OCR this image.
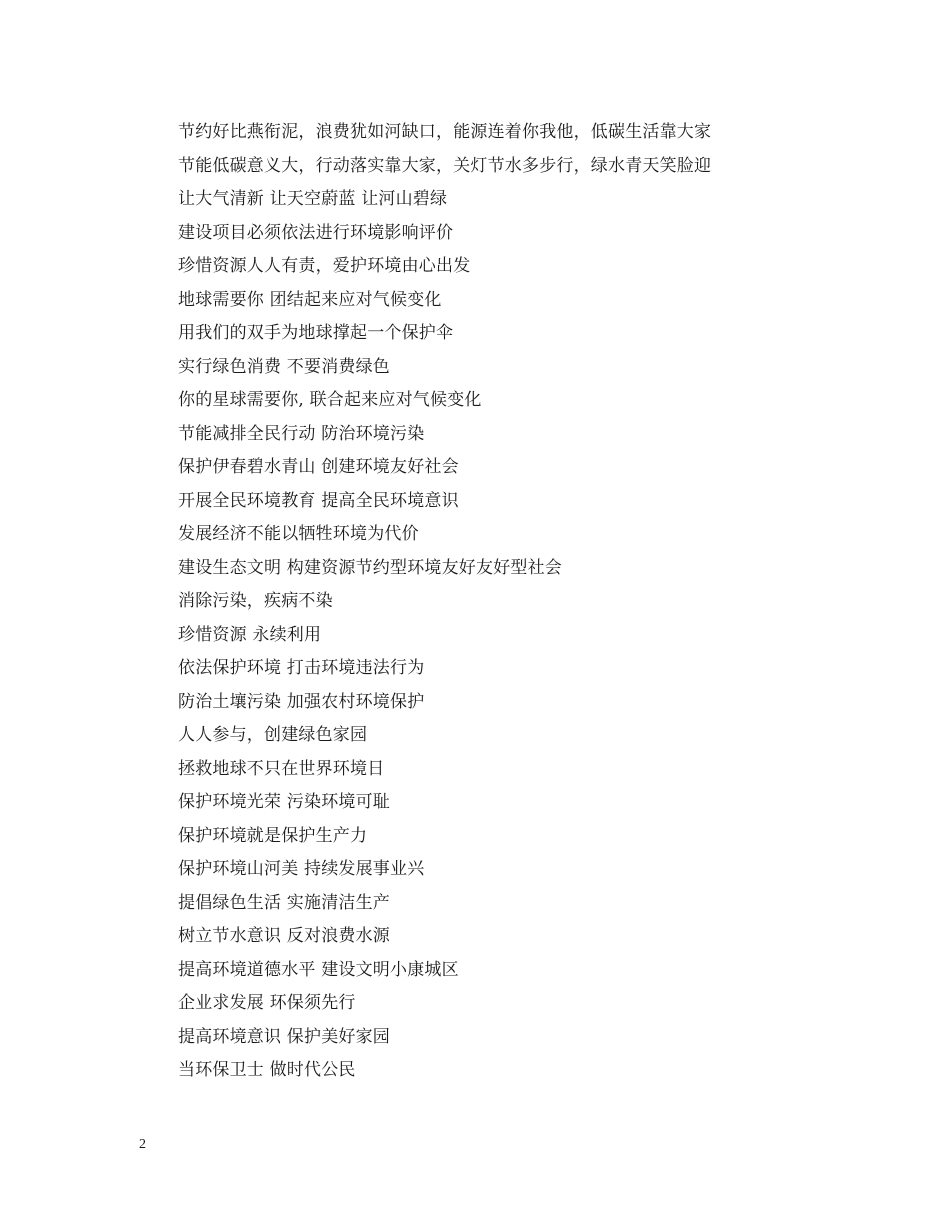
节约好比燕衔泥，浪费犹如河缺口，能源连着你我他，低碳生活靠大家
节能低碳意义大，行动落实靠大家，关灯节水多步行，绿水青天笑脸迎
让大气清新 让天空蔚蓝 让河山碧绿
建设项目必须依法进行环境影响评价
珍惜资源人人有责，爱护环境由心出发
地球需要你 团结起来应对气候变化
用我们的双手为地球撑起一个保护伞
实行绿色消费 不要消费绿色
你的星球需要你, 联合起来应对气候变化
节能减排全民行动 防治环境污染
保护伊春碧水青山 创建环境友好社会
开展全民环境教育 提高全民环境意识
发展经济不能以牺牲环境为代价
建设生态文明 构建资源节约型环境友好友好型社会
消除污染，疾病不染
珍惜资源 永续利用
依法保护环境 打击环境违法行为
防治土壤污染 加强农村环境保护
人人参与，创建绿色家园
拯救地球不只在世界环境日
保护环境光荣 污染环境可耻
保护环境就是保护生产力
保护环境山河美 持续发展事业兴
提倡绿色生活 实施清洁生产
树立节水意识 反对浪费水源
提高环境道德水平 建设文明小康城区
企业求发展 环保须先行
提高环境意识 保护美好家园
当环保卫士 做时代公民
2
